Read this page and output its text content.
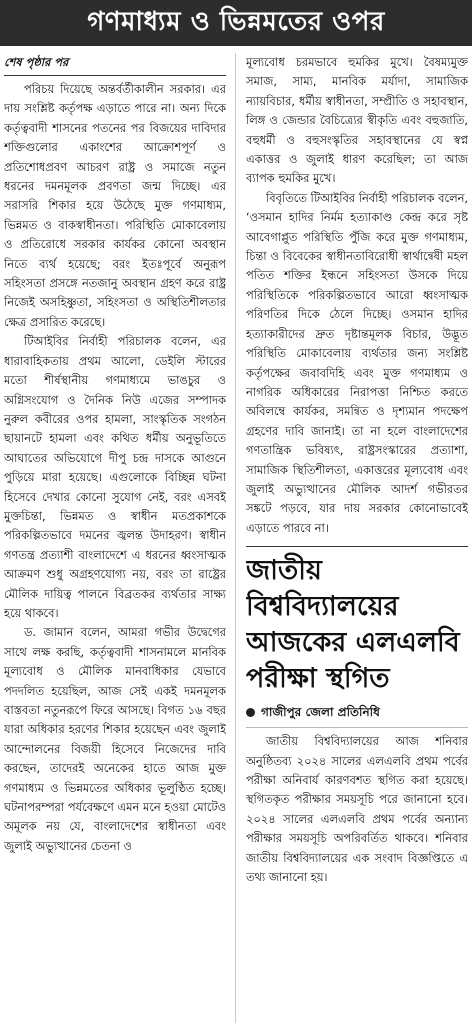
গণমাধ্যম ও ভিন্নমতের ওপর
শেষ পৃষ্ঠার পর

পরিচয় দিয়েছে অন্তর্বর্তীকালীন সরকার। এর দায় সংশ্লিষ্ট কর্তৃপক্ষ এড়াতে পারে না। অন্য দিকে কর্তৃত্ববাদী শাসনের পতনের পর বিজয়ের দাবিদার শক্তিগুলোর একাংশের আক্রোশপূর্ণ ও প্রতিশোধপ্রবণ আচরণ রাষ্ট্র ও সমাজে নতুন ধরনের দমনমূলক প্রবণতা জন্ম দিচ্ছে। এর সরাসরি শিকার হয়ে উঠেছে মুক্ত গণমাধ্যম, ভিন্নমত ও বাকস্বাধীনতা। পরিস্থিতি মোকাবেলায় ও প্রতিরোধে সরকার কার্যকর কোনো অবস্থান নিতে ব্যর্থ হয়েছে; বরং ইতঃপূর্বে অনুরূপ সহিংসতা প্রসঙ্গে নতজানু অবস্থান গ্রহণ করে রাষ্ট্র নিজেই অসহিষ্ণুতা, সহিংসতা ও অস্থিতিশীলতার ক্ষেত্র প্রসারিত করেছে।

টিআইবির নির্বাহী পরিচালক বলেন, এর ধারাবাহিকতায় প্রথম আলো, ডেইলি স্টারের মতো শীর্ষস্থানীয় গণমাধ্যমে ভাঙচুর ও অগ্নিসংযোগ ও দৈনিক নিউ এজের সম্পাদক নুরুল কবীরের ওপর হামলা, সাংস্কৃতিক সংগঠন ছায়ানটে হামলা এবং কথিত ধর্মীয় অনুভূতিতে আঘাতের অভিযোগে দীপু চন্দ্র দাসকে আগুনে পুড়িয়ে মারা হয়েছে। এগুলোকে বিচ্ছিন্ন ঘটনা হিসেবে দেখার কোনো সুযোগ নেই, বরং এসবই মুক্তচিন্তা, ভিন্নমত ও স্বাধীন মতপ্রকাশকে পরিকল্পিতভাবে দমনের জ্বলন্ত উদাহরণ। স্বাধীন গণতন্ত্র প্রত্যাশী বাংলাদেশে এ ধরনের ধ্বংসাত্মক আক্রমণ শুধু অগ্রহণযোগ্য নয়, বরং তা রাষ্ট্রের মৌলিক দায়িত্ব পালনে বিব্রতকর ব্যর্থতার সাক্ষ্য হয়ে থাকবে।

ড. জামান বলেন, আমরা গভীর উদ্বেগের সাথে লক্ষ করছি, কর্তৃত্ববাদী শাসনামলে মানবিক মূল্যবোধ ও মৌলিক মানবাধিকার যেভাবে পদদলিত হয়েছিল, আজ সেই একই দমনমূলক বাস্তবতা নতুনরূপে ফিরে আসছে। বিগত ১৬ বছর যারা অধিকার হরণের শিকার হয়েছেন এবং জুলাই আন্দোলনের বিজয়ী হিসেবে নিজেদের দাবি করছেন, তাদেরই অনেকের হাতে আজ মুক্ত গণমাধ্যম ও ভিন্নমতের অধিকার ভূলুণ্ঠিত হচ্ছে। ঘটনাপরম্পরা পর্যবেক্ষণে এমন মনে হওয়া মোটেও অমূলক নয় যে, বাংলাদেশের স্বাধীনতা এবং জুলাই অভ্যুত্থানের চেতনা ও

মূল্যবোধ চরমভাবে হুমকির মুখে। বৈষম্যমুক্ত সমাজ, সাম্য, মানবিক মর্যাদা, সামাজিক ন্যায়বিচার, ধর্মীয় স্বাধীনতা, সম্প্রীতি ও সহাবস্থান, লিঙ্গ ও জেন্ডার বৈচিত্র্যের স্বীকৃতি এবং বহুজাতি, বহুধর্মী ও বহুসংস্কৃতির সহাবস্থানের যে স্বপ্ন একাত্তর ও জুলাই ধারণ করেছিল; তা আজ ব্যাপক হুমকির মুখে।

বিবৃতিতে টিআইবির নির্বাহী পরিচালক বলেন, ‘ওসমান হাদির নির্মম হত্যাকাণ্ড কেন্দ্র করে সৃষ্ট আবেগাপ্লুত পরিস্থিতি পুঁজি করে মুক্ত গণমাধ্যম, চিন্তা ও বিবেকের স্বাধীনতাবিরোধী স্বার্থান্বেষী মহল পতিত শক্তির ইন্ধনে সহিংসতা উসকে দিয়ে পরিস্থিতিকে পরিকল্পিতভাবে আরো ধ্বংসাত্মক পরিণতির দিকে ঠেলে দিচ্ছে। ওসমান হাদির হত্যাকারীদের দ্রুত দৃষ্টান্তমূলক বিচার, উদ্ভূত পরিস্থিতি মোকাবেলায় ব্যর্থতার জন্য সংশ্লিষ্ট কর্তৃপক্ষের জবাবদিহি এবং মুক্ত গণমাধ্যম ও নাগরিক অধিকারের নিরাপত্তা নিশ্চিত করতে অবিলম্বে কার্যকর, সমন্বিত ও দৃশ্যমান পদক্ষেপ গ্রহণের দাবি জানাই। তা না হলে বাংলাদেশের গণতান্ত্রিক ভবিষ্যৎ, রাষ্ট্রসংস্কারের প্রত্যাশা, সামাজিক স্থিতিশীলতা, একাত্তরের মূল্যবোধ এবং জুলাই অভ্যুত্থানের মৌলিক আদর্শ গভীরতর সঙ্কটে পড়বে, যার দায় সরকার কোনোভাবেই এড়াতে পারবে না।

জাতীয় বিশ্ববিদ্যালয়ের আজকের এলএলবি পরীক্ষা স্থগিত
গাজীপুর জেলা প্রতিনিধি

জাতীয় বিশ্ববিদ্যালয়ের আজ শনিবার অনুষ্ঠিতব্য ২০২৪ সালের এলএলবি প্রথম পর্বের পরীক্ষা অনিবার্য কারণবশত স্থগিত করা হয়েছে। স্থগিতকৃত পরীক্ষার সময়সূচি পরে জানানো হবে। ২০২৪ সালের এলএলবি প্রথম পর্বের অন্যান্য পরীক্ষার সময়সূচি অপরিবর্তিত থাকবে। শনিবার জাতীয় বিশ্ববিদ্যালয়ের এক সংবাদ বিজ্ঞপ্তিতে এ তথ্য জানানো হয়।
